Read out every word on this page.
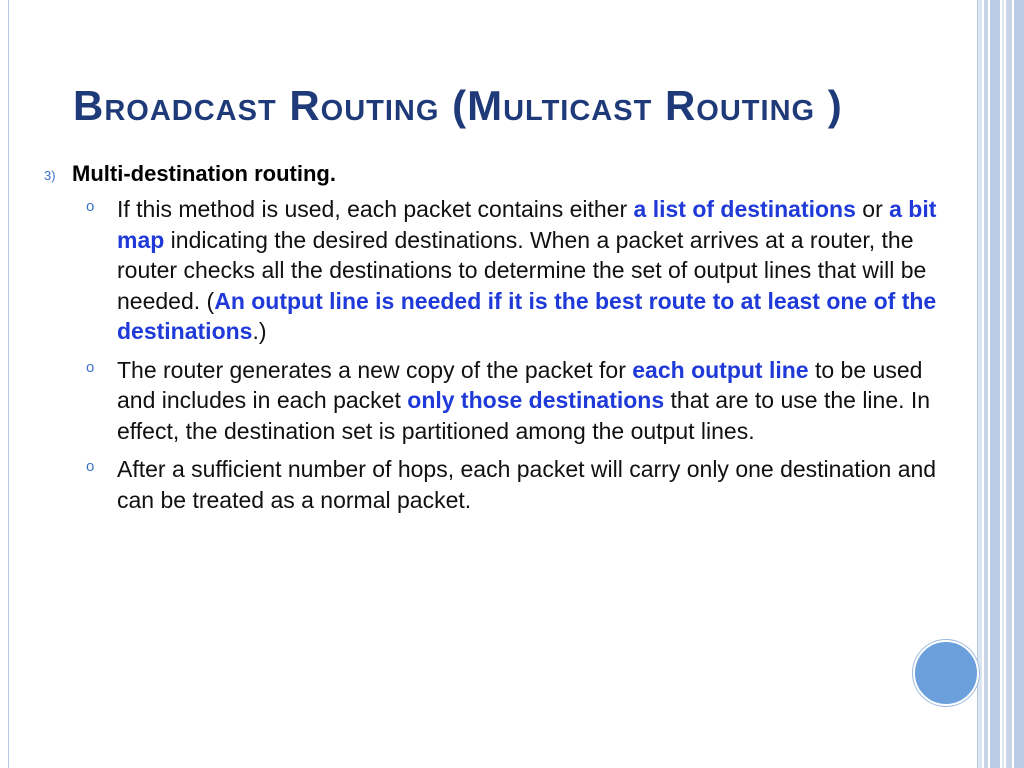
Broadcast Routing (Multicast Routing )
3) Multi-destination routing.
o If this method is used, each packet contains either a list of destinations or a bit map indicating the desired destinations. When a packet arrives at a router, the router checks all the destinations to determine the set of output lines that will be needed. (An output line is needed if it is the best route to at least one of the destinations.)
o The router generates a new copy of the packet for each output line to be used and includes in each packet only those destinations that are to use the line. In effect, the destination set is partitioned among the output lines.
o After a sufficient number of hops, each packet will carry only one destination and can be treated as a normal packet.
